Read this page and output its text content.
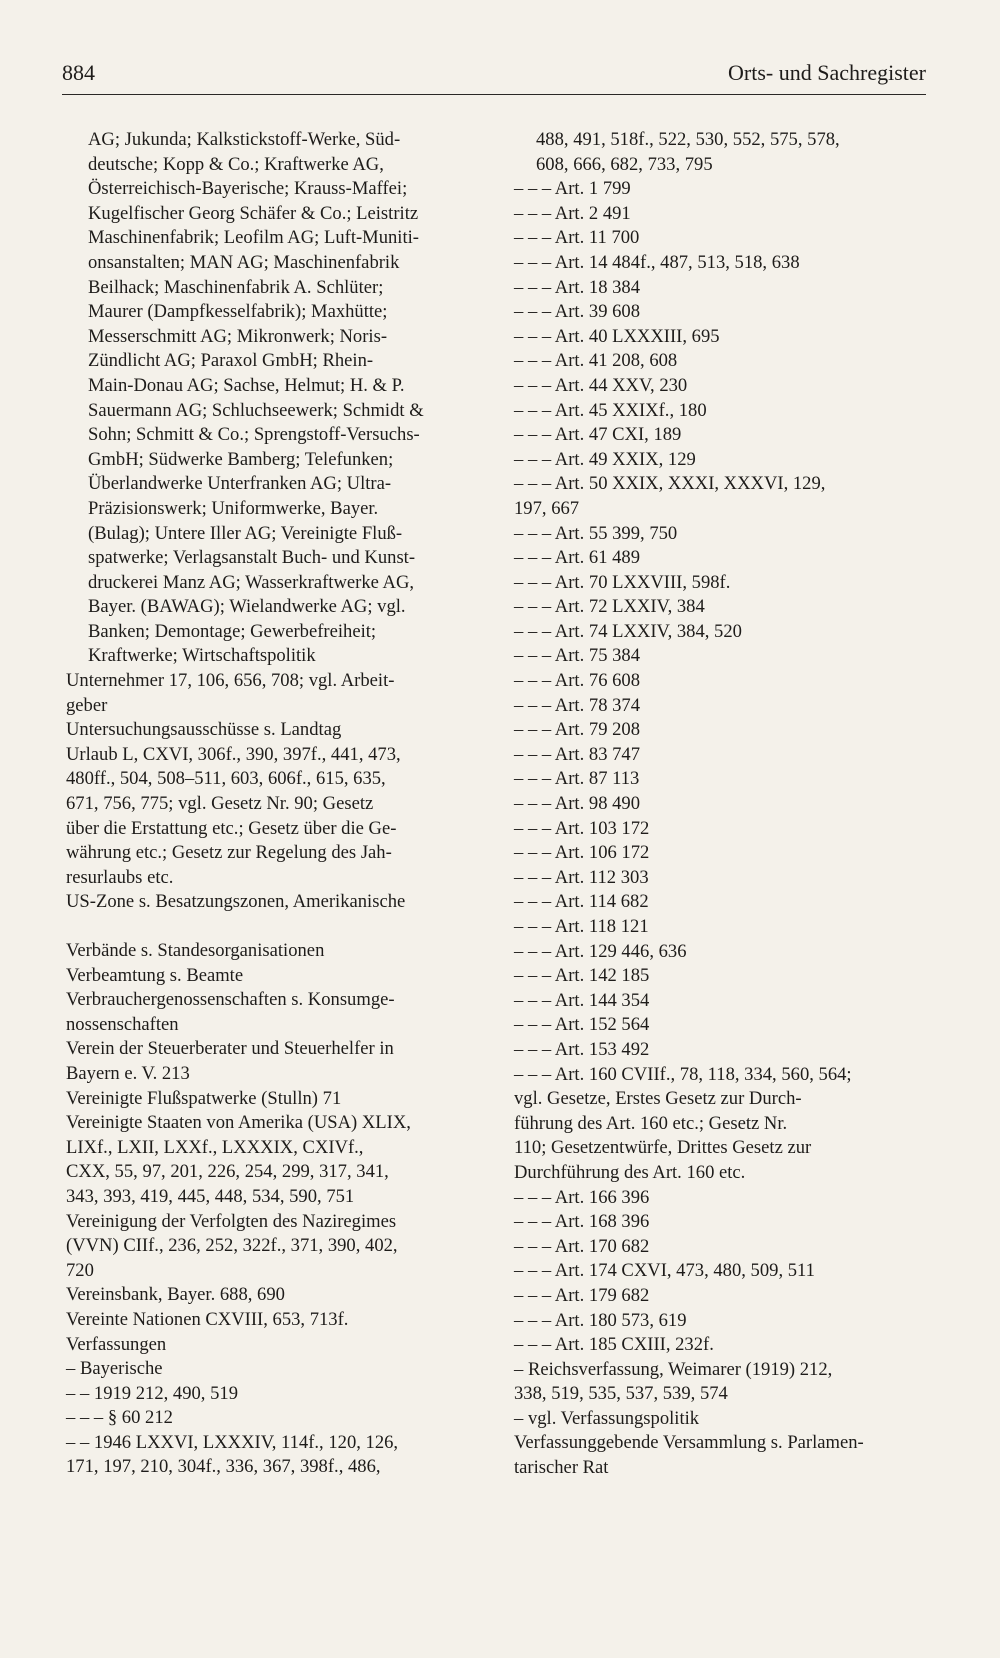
884	Orts- und Sachregister
AG; Jukunda; Kalkstickstoff-Werke, Süd-
deutsche; Kopp & Co.; Kraftwerke AG,
Österreichisch-Bayerische; Krauss-Maffei;
Kugelfischer Georg Schäfer & Co.; Leistritz
Maschinenfabrik; Leofilm AG; Luft-Muniti-
onsanstalten; MAN AG; Maschinenfabrik
Beilhack; Maschinenfabrik A. Schlüter;
Maurer (Dampfkesselfabrik); Maxhütte;
Messerschmitt AG; Mikronwerk; Noris-
Zündlicht AG; Paraxol GmbH; Rhein-
Main-Donau AG; Sachse, Helmut; H. & P.
Sauermann AG; Schluchseewerk; Schmidt &
Sohn; Schmitt & Co.; Sprengstoff-Versuchs-
GmbH; Südwerke Bamberg; Telefunken;
Überlandwerke Unterfranken AG; Ultra-
Präzisionswerk; Uniformwerke, Bayer.
(Bulag); Untere Iller AG; Vereinigte Fluß-
spatwerke; Verlagsanstalt Buch- und Kunst-
druckerei Manz AG; Wasserkraftwerke AG,
Bayer. (BAWAG); Wielandwerke AG; vgl.
Banken; Demontage; Gewerbefreiheit;
Kraftwerke; Wirtschaftspolitik
Unternehmer 17, 106, 656, 708; vgl. Arbeit-
geber
Untersuchungsausschüsse s. Landtag
Urlaub L, CXVI, 306f., 390, 397f., 441, 473,
480ff., 504, 508–511, 603, 606f., 615, 635,
671, 756, 775; vgl. Gesetz Nr. 90; Gesetz
über die Erstattung etc.; Gesetz über die Ge-
währung etc.; Gesetz zur Regelung des Jah-
resurlaubs etc.
US-Zone s. Besatzungszonen, Amerikanische
Verbände s. Standesorganisationen
Verbeamtung s. Beamte
Verbrauchergenossenschaften s. Konsumge-
nossenschaften
Verein der Steuerberater und Steuerhelfer in
Bayern e. V. 213
Vereinigte Flußspatwerke (Stulln) 71
Vereinigte Staaten von Amerika (USA) XLIX,
LIXf., LXII, LXXf., LXXXIX, CXIVf.,
CXX, 55, 97, 201, 226, 254, 299, 317, 341,
343, 393, 419, 445, 448, 534, 590, 751
Vereinigung der Verfolgten des Naziregimes
(VVN) CIIf., 236, 252, 322f., 371, 390, 402,
720
Vereinsbank, Bayer. 688, 690
Vereinte Nationen CXVIII, 653, 713f.
Verfassungen
– Bayerische
– – 1919 212, 490, 519
– – – § 60 212
– – 1946 LXXVI, LXXXIV, 114f., 120, 126,
171, 197, 210, 304f., 336, 367, 398f., 486,
488, 491, 518f., 522, 530, 552, 575, 578,
608, 666, 682, 733, 795
– – – Art. 1 799
– – – Art. 2 491
– – – Art. 11 700
– – – Art. 14 484f., 487, 513, 518, 638
– – – Art. 18 384
– – – Art. 39 608
– – – Art. 40 LXXXIII, 695
– – – Art. 41 208, 608
– – – Art. 44 XXV, 230
– – – Art. 45 XXIXf., 180
– – – Art. 47 CXI, 189
– – – Art. 49 XXIX, 129
– – – Art. 50 XXIX, XXXI, XXXVI, 129,
197, 667
– – – Art. 55 399, 750
– – – Art. 61 489
– – – Art. 70 LXXVIII, 598f.
– – – Art. 72 LXXIV, 384
– – – Art. 74 LXXIV, 384, 520
– – – Art. 75 384
– – – Art. 76 608
– – – Art. 78 374
– – – Art. 79 208
– – – Art. 83 747
– – – Art. 87 113
– – – Art. 98 490
– – – Art. 103 172
– – – Art. 106 172
– – – Art. 112 303
– – – Art. 114 682
– – – Art. 118 121
– – – Art. 129 446, 636
– – – Art. 142 185
– – – Art. 144 354
– – – Art. 152 564
– – – Art. 153 492
– – – Art. 160 CVIIf., 78, 118, 334, 560, 564;
vgl. Gesetze, Erstes Gesetz zur Durch-
führung des Art. 160 etc.; Gesetz Nr.
110; Gesetzentwürfe, Drittes Gesetz zur
Durchführung des Art. 160 etc.
– – – Art. 166 396
– – – Art. 168 396
– – – Art. 170 682
– – – Art. 174 CXVI, 473, 480, 509, 511
– – – Art. 179 682
– – – Art. 180 573, 619
– – – Art. 185 CXIII, 232f.
– Reichsverfassung, Weimarer (1919) 212,
338, 519, 535, 537, 539, 574
– vgl. Verfassungspolitik
Verfassunggebende Versammlung s. Parlamen-
tarischer Rat
